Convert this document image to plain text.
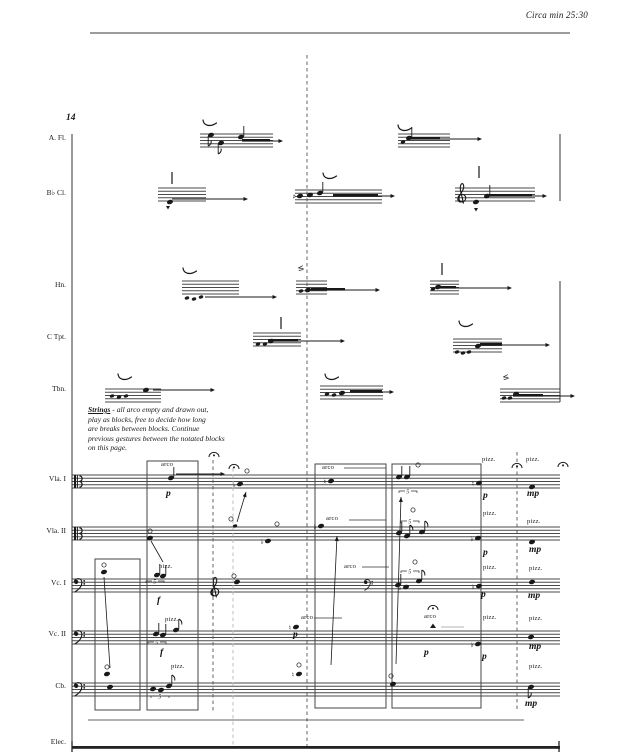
Circa min 25:30
14
A. Fl.
B♭ Cl.
Hn.
C Tpt.
Tbn.
Vla. I
Vla. II
Vc. I
Vc. II
Cb.
Elec.
Strings - all arco empty and drawn out,
play as blocks, free to decide how long
are breaks between blocks. Continue
previous gestures between the notated blocks
on this page.
≤
≤
♯
♭
♭
♮
♮
♮
♭
♭
♮
♭
♭
♭
5
5
5
5
5
5
arco	arco
arco
arco
arco	arco
pizz.
pizz.
pizz.
pizz.	pizz.
pizz.
pizz.
pizz.	pizz.
pizz.	pizz.
pizz.
p
p
p
p
p
p
p
f
f
mp
mp
mp
mp
mp
